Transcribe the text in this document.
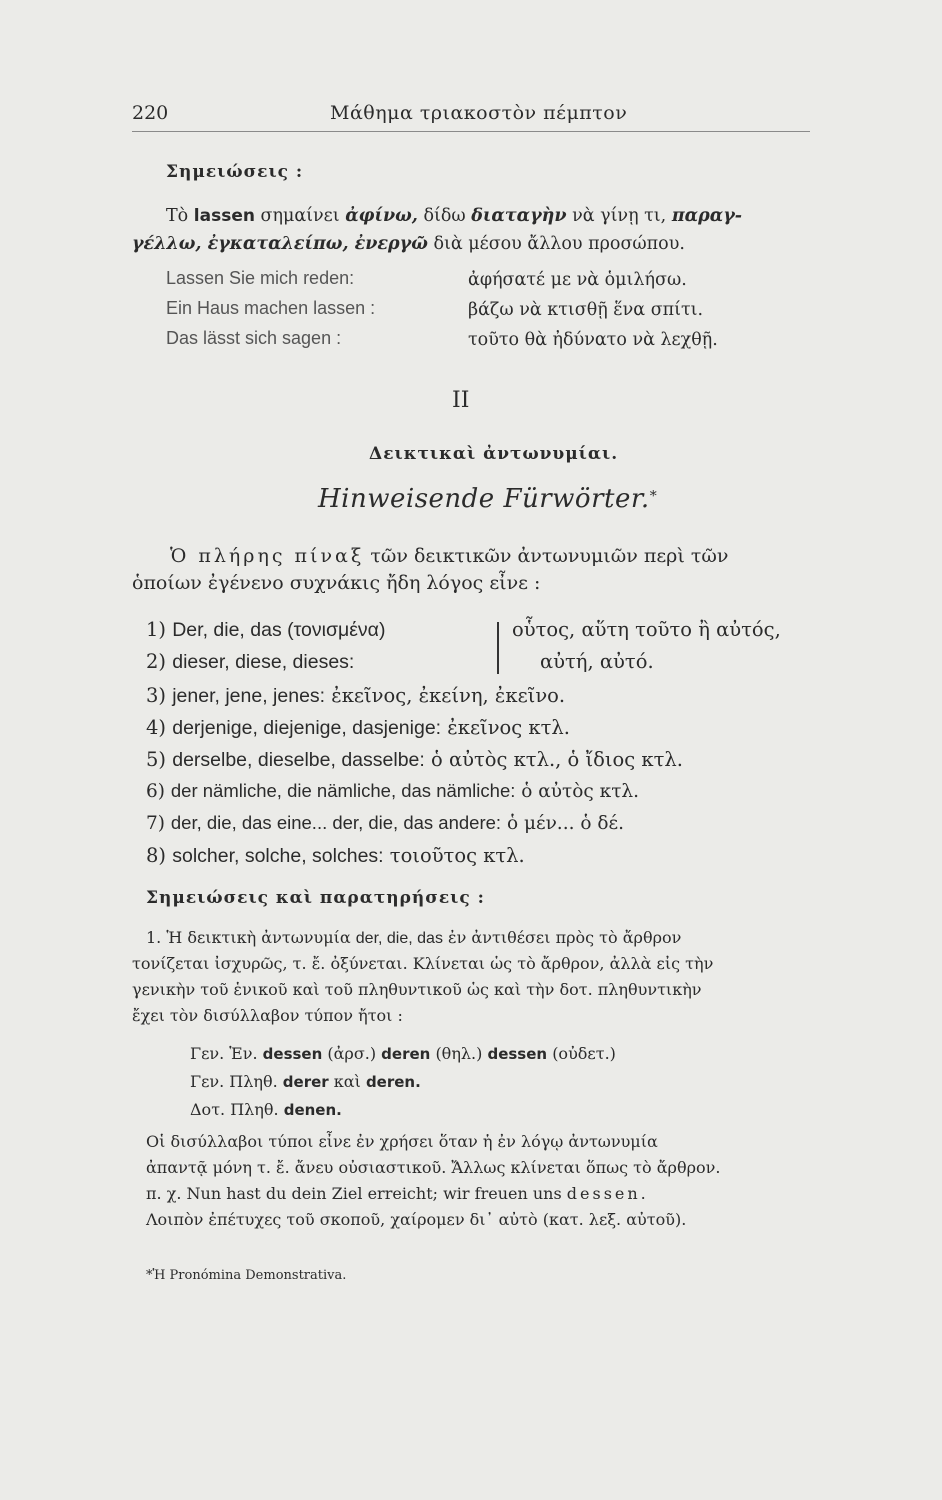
220	Μάθημα τριακοστὸν πέμπτον
Σημειώσεις :
Τὸ lassen σημαίνει ἀφίνω, δίδω διαταγὴν νὰ γίνῃ τι, παραγ-
γέλλω, ἐγκαταλείπω, ἐνεργῶ διὰ μέσου ἄλλου προσώπου.
Lassen Sie mich reden:	ἀφήσατέ με νὰ ὁμιλήσω.
Ein Haus machen lassen :	βάζω νὰ κτισθῇ ἕνα σπίτι.
Das lässt sich sagen :	τοῦτο θὰ ἠδύνατο νὰ λεχθῇ.
II
Δεικτικαὶ ἀντωνυμίαι.
Hinweisende Fürwörter.*
Ὁ πλήρης πίναξ τῶν δεικτικῶν ἀντωνυμιῶν περὶ τῶν
ὁποίων ἐγένενο συχνάκις ἤδη λόγος εἶνε :
1) Der, die, das (τονισμένα)	οὗτος, αὕτη τοῦτο ἢ αὐτός,
2) dieser, diese, dieses:	αὐτή, αὐτό.
3) jener, jene, jenes: ἐκεῖνος, ἐκείνη, ἐκεῖνο.
4) derjenige, diejenige, dasjenige: ἐκεῖνος κτλ.
5) derselbe, dieselbe, dasselbe: ὁ αὐτὸς κτλ., ὁ ἴδιος κτλ.
6) der nämliche, die nämliche, das nämliche: ὁ αὐτὸς κτλ.
7) der, die, das eine... der, die, das andere: ὁ μέν... ὁ δέ.
8) solcher, solche, solches: τοιοῦτος κτλ.
Σημειώσεις καὶ παρατηρήσεις :
1. Ἡ δεικτικὴ ἀντωνυμία der, die, das ἐν ἀντιθέσει πρὸς τὸ ἄρθρον
τονίζεται ἰσχυρῶς, τ. ἔ. ὀξύνεται. Κλίνεται ὡς τὸ ἄρθρον, ἀλλὰ εἰς τὴν
γενικὴν τοῦ ἑνικοῦ καὶ τοῦ πληθυντικοῦ ὡς καὶ τὴν δοτ. πληθυντικὴν
ἔχει τὸν δισύλλαβον τύπον ἤτοι :
Γεν. Ἑν. dessen (ἀρσ.) deren (θηλ.) dessen (οὐδετ.)
Γεν. Πληθ. derer καὶ deren.
Δοτ. Πληθ. denen.
Οἱ δισύλλαβοι τύποι εἶνε ἐν χρήσει ὅταν ἡ ἐν λόγῳ ἀντωνυμία
ἀπαντᾷ μόνη τ. ἔ. ἄνευ οὐσιαστικοῦ. Ἄλλως κλίνεται ὅπως τὸ ἄρθρον.
π. χ. Nun hast du dein Ziel erreicht; wir freuen uns dessen.
Λοιπὸν ἐπέτυχες τοῦ σκοποῦ, χαίρομεν δι᾽ αὐτὸ (κατ. λεξ. αὐτοῦ).
*Ἡ Pronómina Demonstrativa.
